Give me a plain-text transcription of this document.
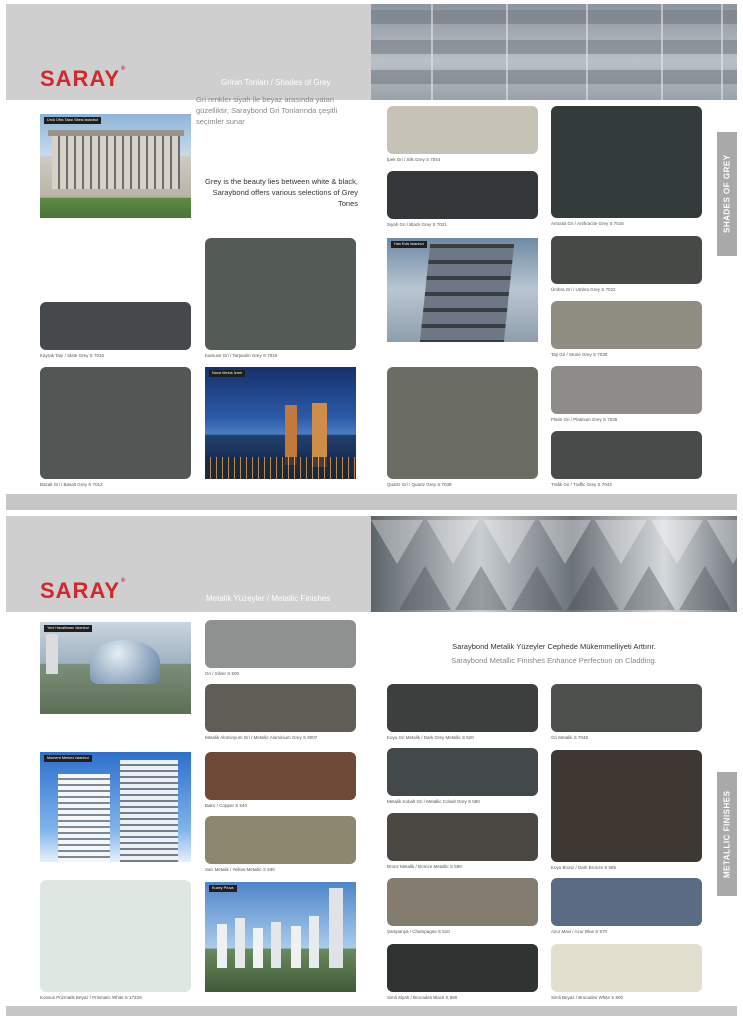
SARAY®
Grinin Tonları / Shades of Grey
Ünlü Ofisi Taksi Sitesi İstanbul
Gri renkler siyah ile beyaz arasında yatan güzelliktir, Saraybond Gri Tonlarında çeşitli seçimler sunar
Grey is the beauty lies between white & black, Saraybond offers various selections of Grey Tones
Kayrak Taşı / Slate Grey S 7015
Bazalt Gri / Basalt Grey S 7012
Kamuse Gri / Tarpaulin Grey S 7010
Nova Vertus İzmir
İpek Gri / Silk Grey S 7044
Siyah Gri / Black Grey S 7021
Han Evis İstanbul
Quartz Gri / Quartz Grey S 7039
Antrasit Gri / Anthracite Grey S 7016
Ümbra Gri / Umbra Grey S 7022
Taş Gri / Stone Grey S 7030
Platin Gri / Platinum Grey S 7036
Trafik Gri / Traffic Grey S 7043
SHADES OF GREY
SARAY®
Metalik Yüzeyler / Metallic Finishes
Yeni Havalimanı İstanbul
Moment Merkez İstanbul
Konsus Prizmatik Beyaz / Prismatic White S 1723S
Gri / Silver S 500
Metalik Alüminyum Gri / Metallic Aluminium Grey S 9007
Bakır / Copper S 540
Sarı Metalik / Yellow Metallic S 530
Kuzey Pruva
Saraybond Metalik Yüzeyler Cephede Mükemmelliyeti Arttırır.
Saraybond Metallic Finishes Enhance Perfection on Cladding.
Koyu Gri Metalik / Dark Grey Metallic S 520
Metalik Kobalt Gri / Metallic Cobalt Grey S 580
Bronz Metalik / Bronze Metallic S 590
Şampanya / Champagne S 510
Simli Siyah / Brocades Black S 880
Gri Metalik S 7048
Koyu Bronz / Dark Bronze S 585
Azur Mavi / Azur Blue S 570
Simli Beyaz / Brocades White S 800
METALLIC FINISHES
